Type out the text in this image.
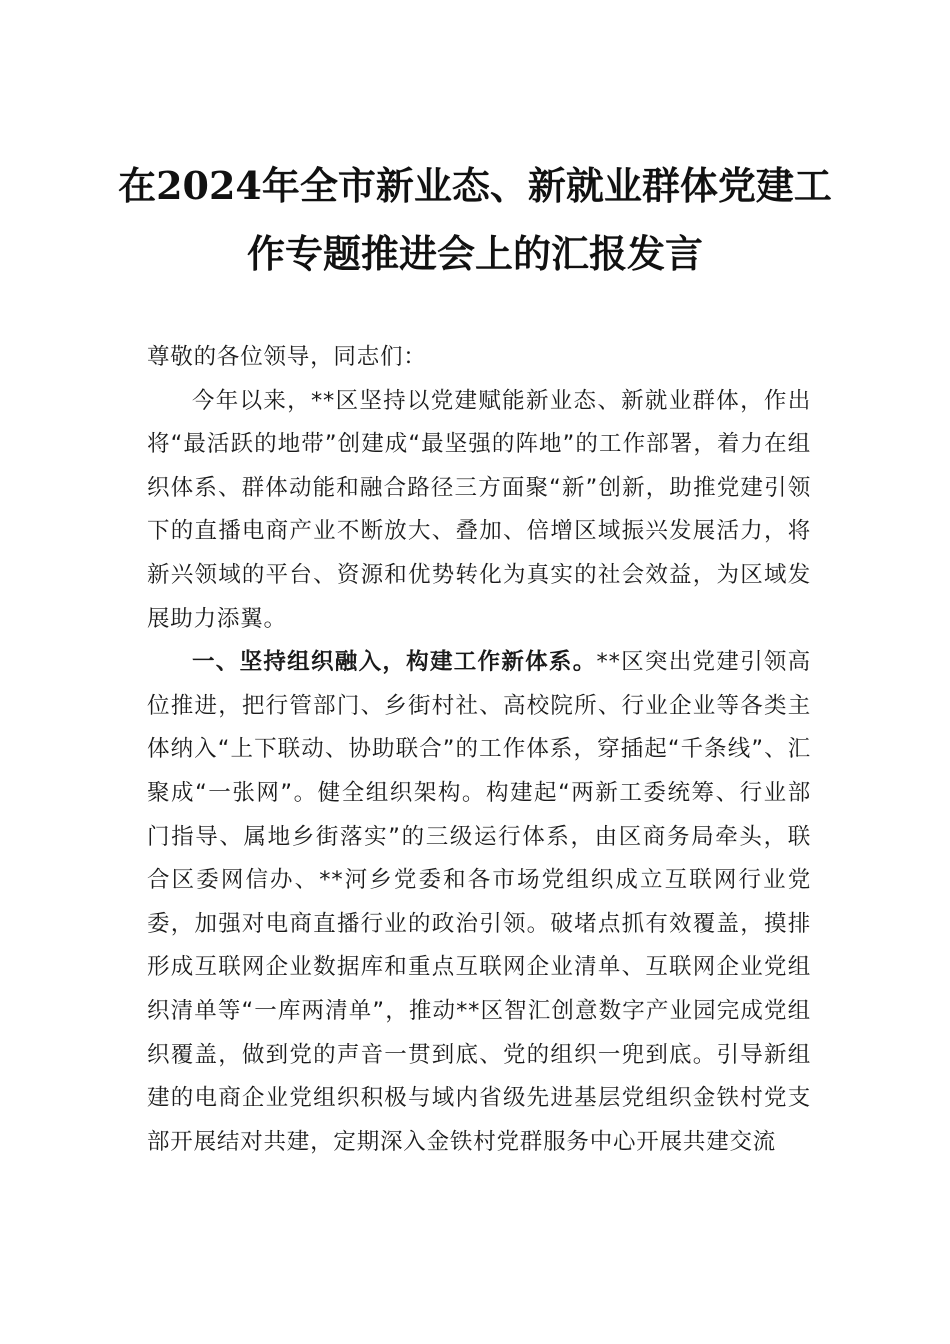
在2024年全市新业态、新就业群体党建工
作专题推进会上的汇报发言

尊敬的各位领导，同志们：

今年以来，**区坚持以党建赋能新业态、新就业群体，作出将“最活跃的地带”创建成“最坚强的阵地”的工作部署，着力在组织体系、群体动能和融合路径三方面聚“新”创新，助推党建引领下的直播电商产业不断放大、叠加、倍增区域振兴发展活力，将新兴领域的平台、资源和优势转化为真实的社会效益，为区域发展助力添翼。

一、坚持组织融入，构建工作新体系。**区突出党建引领高位推进，把行管部门、乡街村社、高校院所、行业企业等各类主体纳入“上下联动、协助联合”的工作体系，穿插起“千条线”、汇聚成“一张网”。健全组织架构。构建起“两新工委统筹、行业部门指导、属地乡街落实”的三级运行体系，由区商务局牵头，联合区委网信办、**河乡党委和各市场党组织成立互联网行业党委，加强对电商直播行业的政治引领。破堵点抓有效覆盖，摸排形成互联网企业数据库和重点互联网企业清单、互联网企业党组织清单等“一库两清单”，推动**区智汇创意数字产业园完成党组织覆盖，做到党的声音一贯到底、党的组织一兜到底。引导新组建的电商企业党组织积极与域内省级先进基层党组织金铁村党支部开展结对共建，定期深入金铁村党群服务中心开展共建交流
